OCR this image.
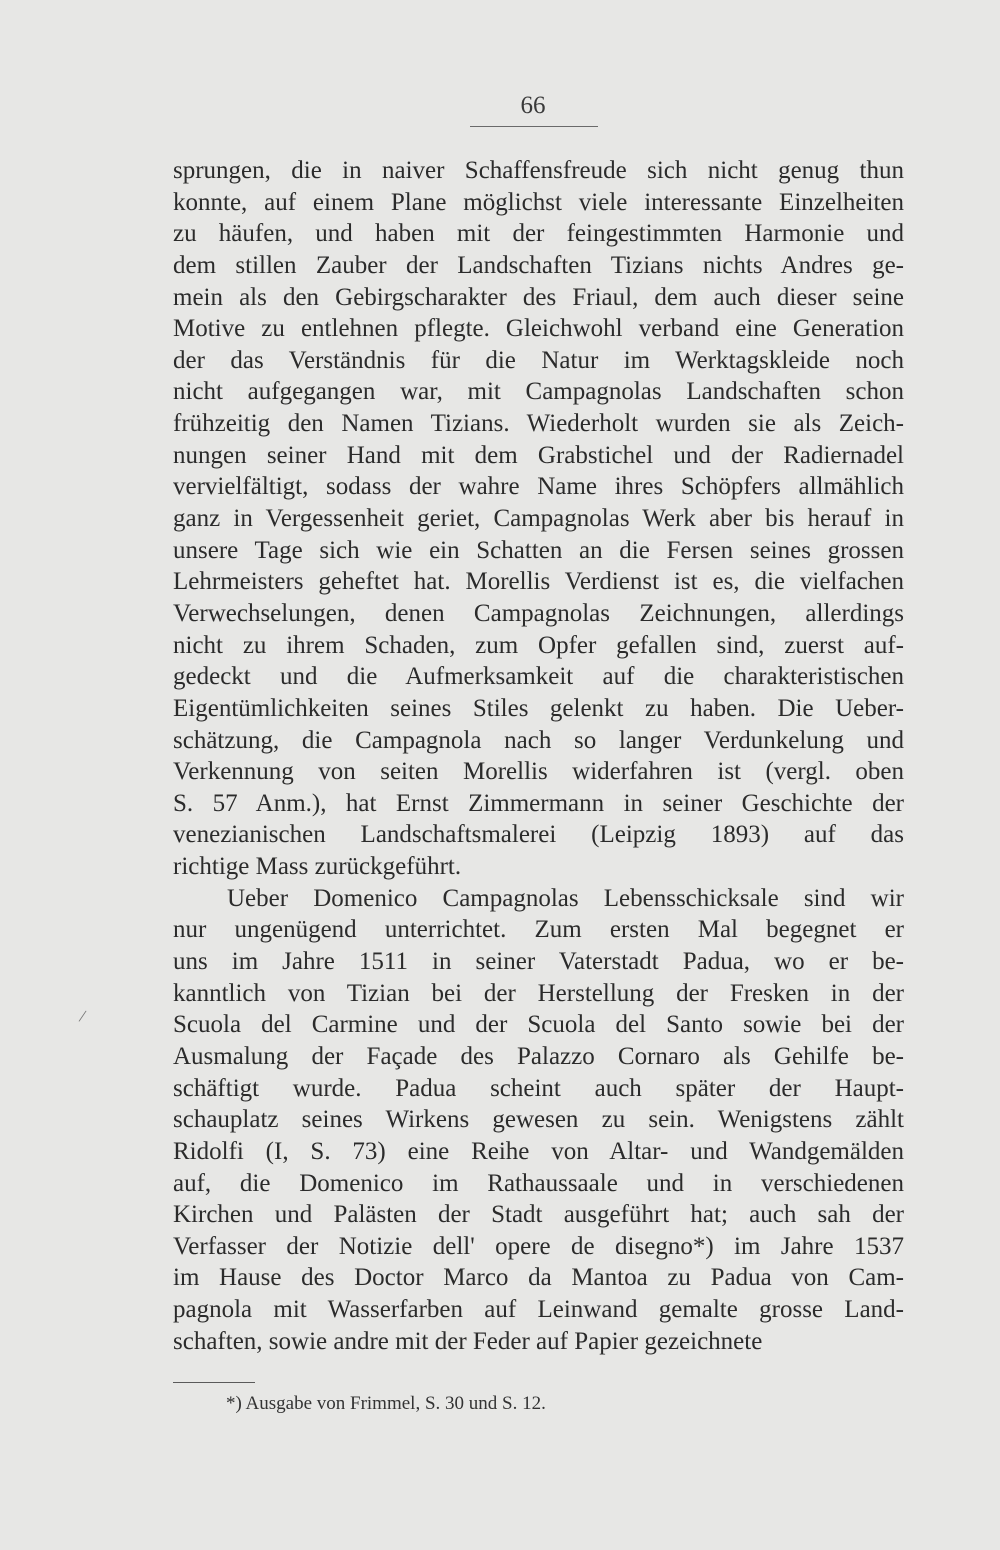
66
sprungen, die in naiver Schaffensfreude sich nicht genug thun
konnte, auf einem Plane möglichst viele interessante Einzelheiten
zu häufen, und haben mit der feingestimmten Harmonie und
dem stillen Zauber der Landschaften Tizians nichts Andres ge-
mein als den Gebirgscharakter des Friaul, dem auch dieser seine
Motive zu entlehnen pflegte. Gleichwohl verband eine Generation
der das Verständnis für die Natur im Werktagskleide noch
nicht aufgegangen war, mit Campagnolas Landschaften schon
frühzeitig den Namen Tizians. Wiederholt wurden sie als Zeich-
nungen seiner Hand mit dem Grabstichel und der Radiernadel
vervielfältigt, sodass der wahre Name ihres Schöpfers allmählich
ganz in Vergessenheit geriet, Campagnolas Werk aber bis herauf in
unsere Tage sich wie ein Schatten an die Fersen seines grossen
Lehrmeisters geheftet hat. Morellis Verdienst ist es, die vielfachen
Verwechselungen, denen Campagnolas Zeichnungen, allerdings
nicht zu ihrem Schaden, zum Opfer gefallen sind, zuerst auf-
gedeckt und die Aufmerksamkeit auf die charakteristischen
Eigentümlichkeiten seines Stiles gelenkt zu haben. Die Ueber-
schätzung, die Campagnola nach so langer Verdunkelung und
Verkennung von seiten Morellis widerfahren ist (vergl. oben
S. 57 Anm.), hat Ernst Zimmermann in seiner Geschichte der
venezianischen Landschaftsmalerei (Leipzig 1893) auf das
richtige Mass zurückgeführt.
Ueber Domenico Campagnolas Lebensschicksale sind wir
nur ungenügend unterrichtet. Zum ersten Mal begegnet er
uns im Jahre 1511 in seiner Vaterstadt Padua, wo er be-
kanntlich von Tizian bei der Herstellung der Fresken in der
Scuola del Carmine und der Scuola del Santo sowie bei der
Ausmalung der Façade des Palazzo Cornaro als Gehilfe be-
schäftigt wurde. Padua scheint auch später der Haupt-
schauplatz seines Wirkens gewesen zu sein. Wenigstens zählt
Ridolfi (I, S. 73) eine Reihe von Altar- und Wandgemälden
auf, die Domenico im Rathaussaale und in verschiedenen
Kirchen und Palästen der Stadt ausgeführt hat; auch sah der
Verfasser der Notizie dell' opere de disegno*) im Jahre 1537
im Hause des Doctor Marco da Mantoa zu Padua von Cam-
pagnola mit Wasserfarben auf Leinwand gemalte grosse Land-
schaften, sowie andre mit der Feder auf Papier gezeichnete
/
*) Ausgabe von Frimmel, S. 30 und S. 12.
